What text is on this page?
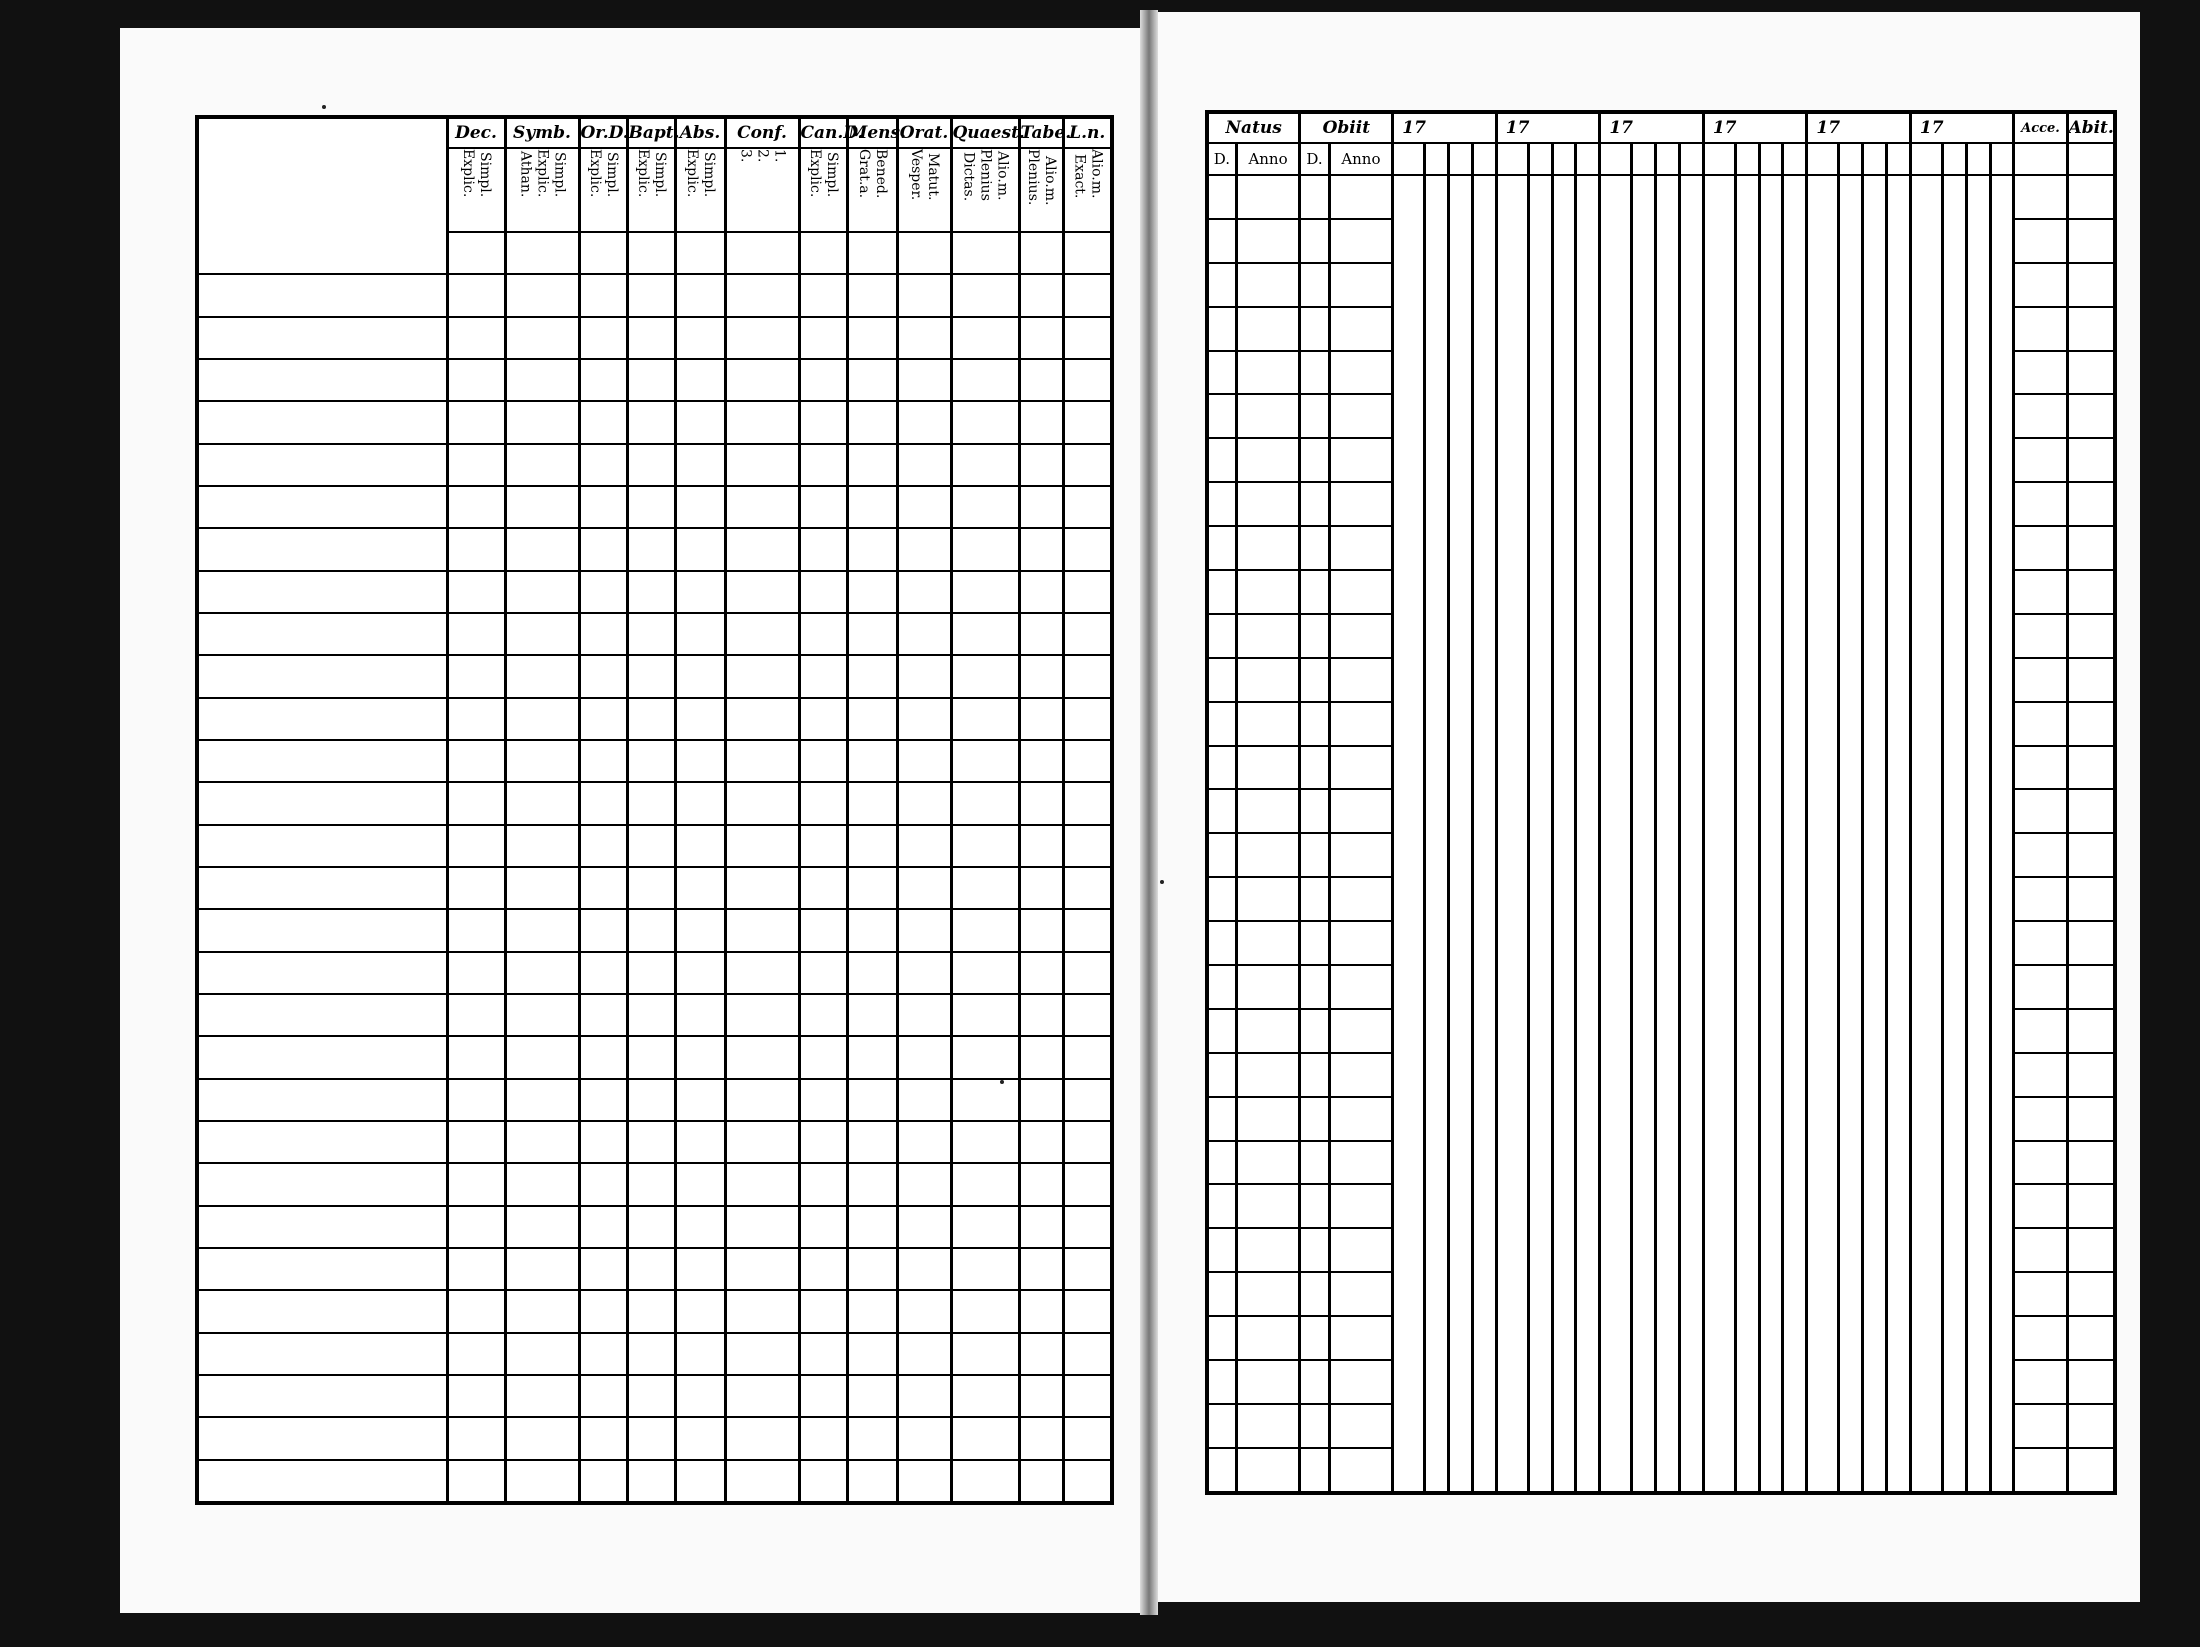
	Dec.	Symb.	Or.D.	Bapt.	Abs.	Conf.	Can.D.	Mens.	Orat.	Quaest.	Tabe.	L.n.
	Explic.Simpl.	Athan.Explic.Simpl.	Explic.Simpl.	Explic.Simpl.	Explic.Simpl.	3.2.1.	Explic.Simpl.	Grat.a.Bened.	Vesper.Matut.	Dictas.PleniusAlio.m.	Plenius.Alio.m.	Exact.Alio.m.

Natus		Obiit		17				17				17				17				17				17				Acce.	Abit.
D.	Anno	D.	Anno																										
